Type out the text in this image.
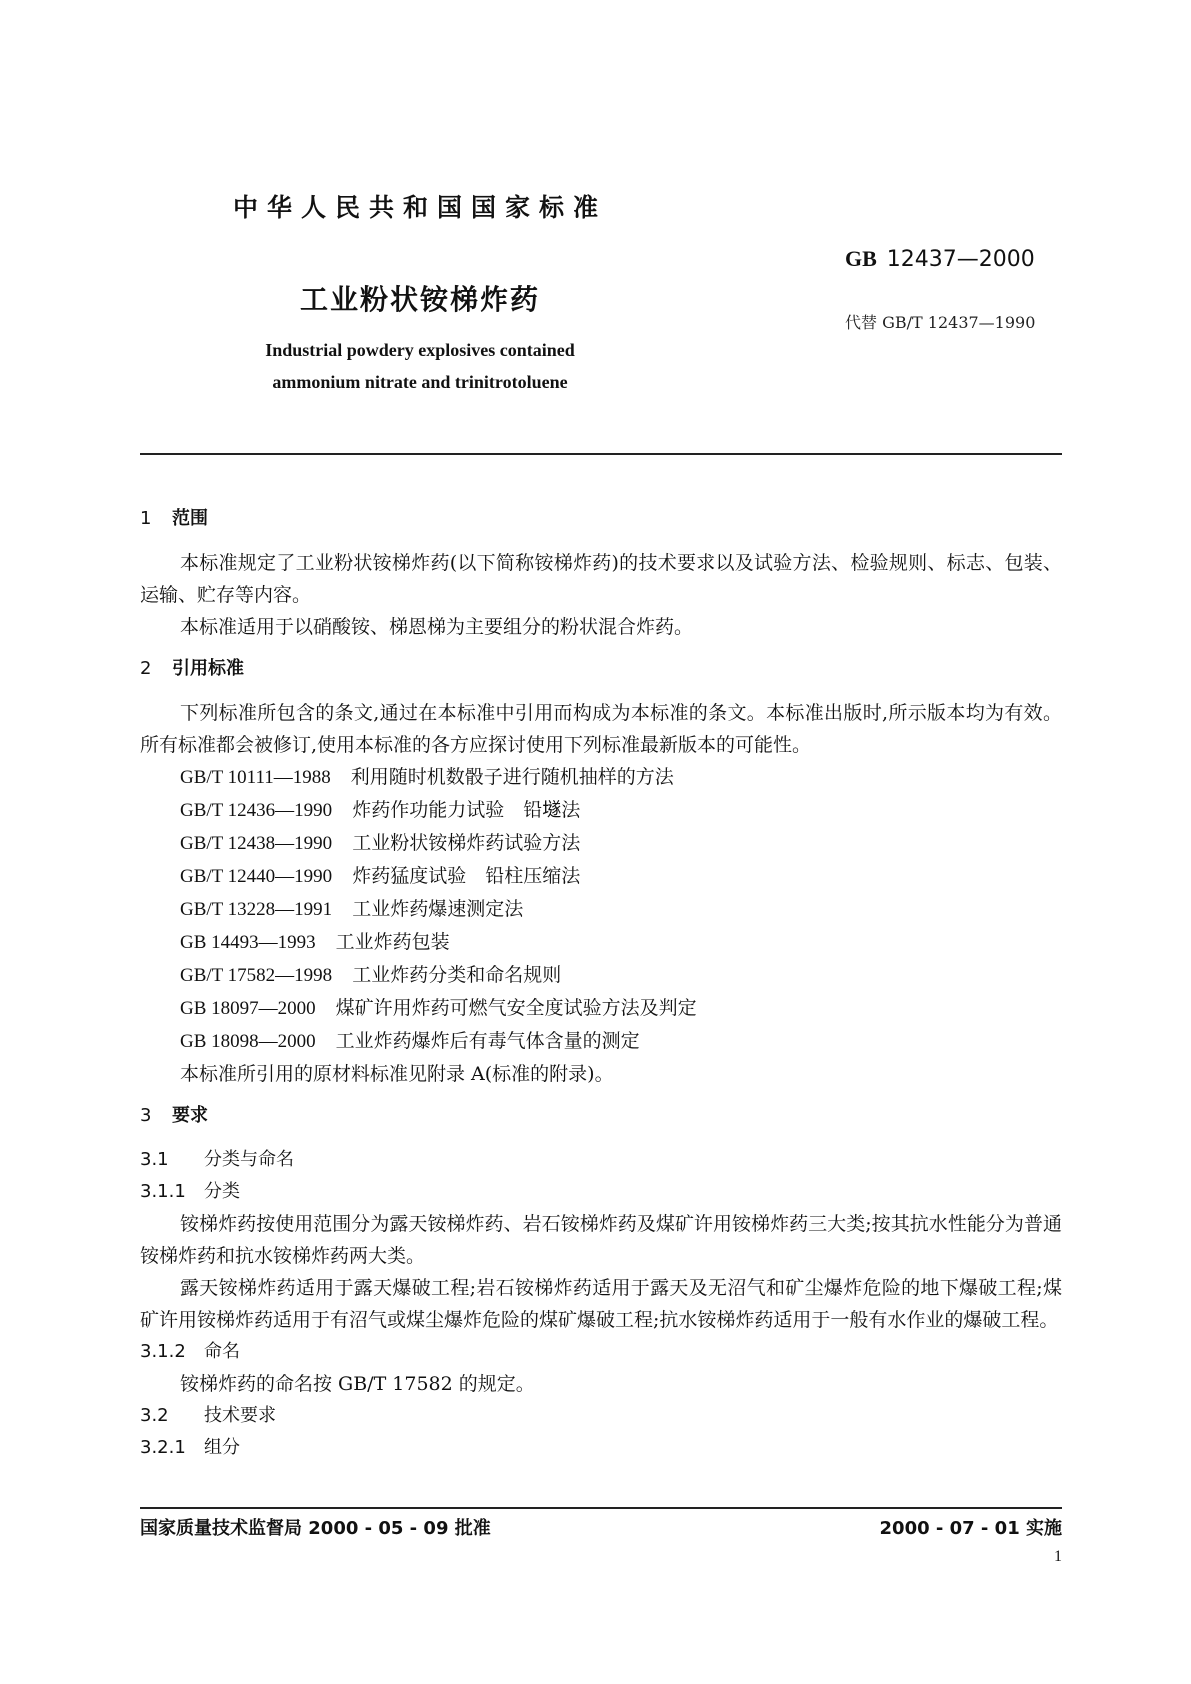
中华人民共和国国家标准
GB 12437—2000
工业粉状铵梯炸药
代替 GB/T 12437—1990
Industrial powdery explosives contained
ammonium nitrate and trinitrotoluene
1 范围

本标准规定了工业粉状铵梯炸药(以下简称铵梯炸药)的技术要求以及试验方法、检验规则、标志、包装、运输、贮存等内容。

本标准适用于以硝酸铵、梯恩梯为主要组分的粉状混合炸药。

2 引用标准

下列标准所包含的条文,通过在本标准中引用而构成为本标准的条文。本标准出版时,所示版本均为有效。所有标准都会被修订,使用本标准的各方应探讨使用下列标准最新版本的可能性。

GB/T 10111—1988 利用随时机数骰子进行随机抽样的方法
GB/T 12436—1990 炸药作功能力试验　铅𡑞法
GB/T 12438—1990 工业粉状铵梯炸药试验方法
GB/T 12440—1990 炸药猛度试验　铅柱压缩法
GB/T 13228—1991 工业炸药爆速测定法
GB 14493—1993 工业炸药包装
GB/T 17582—1998 工业炸药分类和命名规则
GB 18097—2000 煤矿许用炸药可燃气安全度试验方法及判定
GB 18098—2000 工业炸药爆炸后有毒气体含量的测定

本标准所引用的原材料标准见附录 A(标准的附录)。

3 要求
3.1 分类与命名
3.1.1 分类

铵梯炸药按使用范围分为露天铵梯炸药、岩石铵梯炸药及煤矿许用铵梯炸药三大类;按其抗水性能分为普通铵梯炸药和抗水铵梯炸药两大类。

露天铵梯炸药适用于露天爆破工程;岩石铵梯炸药适用于露天及无沼气和矿尘爆炸危险的地下爆破工程;煤矿许用铵梯炸药适用于有沼气或煤尘爆炸危险的煤矿爆破工程;抗水铵梯炸药适用于一般有水作业的爆破工程。

3.1.2 命名

铵梯炸药的命名按 GB/T 17582 的规定。

3.2 技术要求
3.2.1 组分
国家质量技术监督局 2000 - 05 - 09 批准	2000 - 07 - 01 实施
1
